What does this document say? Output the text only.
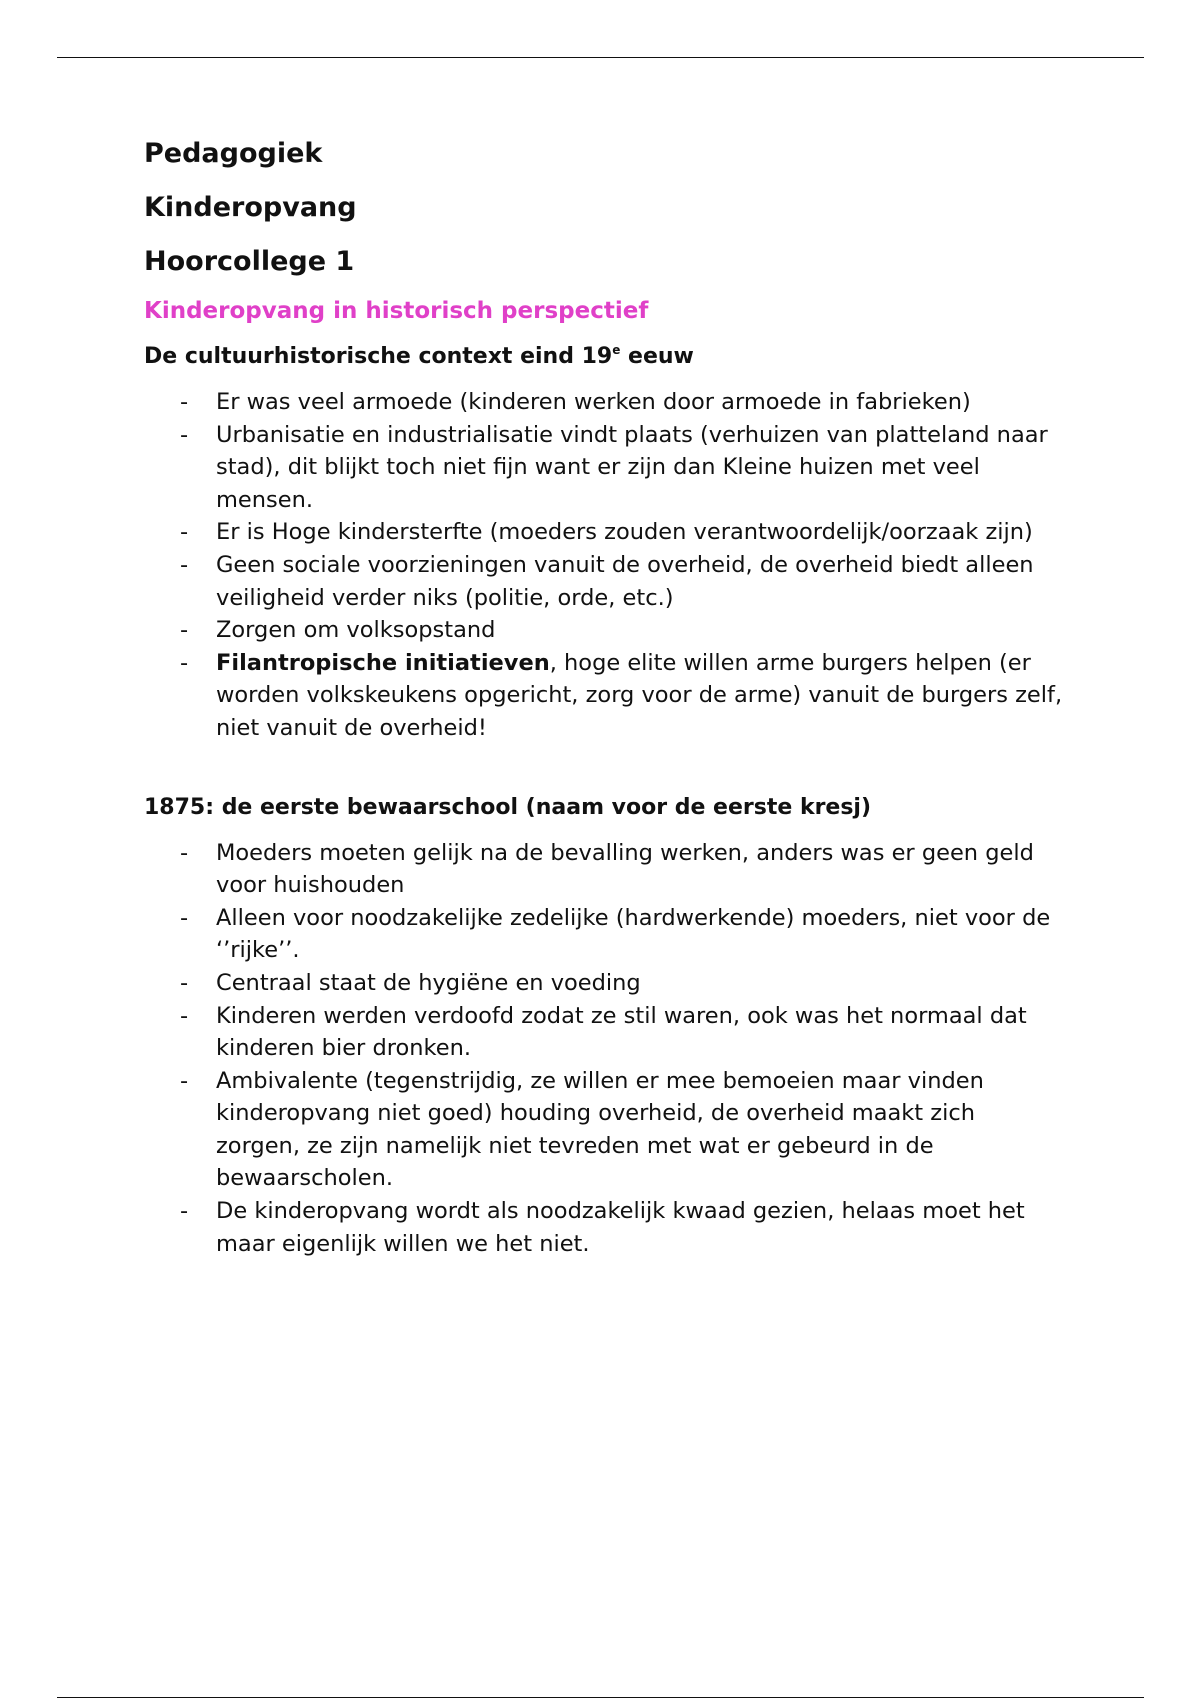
Pedagogiek
Kinderopvang
Hoorcollege 1
Kinderopvang in historisch perspectief
De cultuurhistorische context eind 19e eeuw
- Er was veel armoede (kinderen werken door armoede in fabrieken)
- Urbanisatie en industrialisatie vindt plaats (verhuizen van platteland naar stad), dit blijkt toch niet fijn want er zijn dan Kleine huizen met veel mensen.
- Er is Hoge kindersterfte (moeders zouden verantwoordelijk/oorzaak zijn)
- Geen sociale voorzieningen vanuit de overheid, de overheid biedt alleen veiligheid verder niks (politie, orde, etc.)
- Zorgen om volksopstand
- Filantropische initiatieven, hoge elite willen arme burgers helpen (er worden volkskeukens opgericht, zorg voor de arme) vanuit de burgers zelf, niet vanuit de overheid!
1875: de eerste bewaarschool (naam voor de eerste kresj)
- Moeders moeten gelijk na de bevalling werken, anders was er geen geld voor huishouden
- Alleen voor noodzakelijke zedelijke (hardwerkende) moeders, niet voor de ‘’rijke’’.
- Centraal staat de hygiëne en voeding
- Kinderen werden verdoofd zodat ze stil waren, ook was het normaal dat kinderen bier dronken.
- Ambivalente (tegenstrijdig, ze willen er mee bemoeien maar vinden kinderopvang niet goed) houding overheid, de overheid maakt zich zorgen, ze zijn namelijk niet tevreden met wat er gebeurd in de bewaarscholen.
- De kinderopvang wordt als noodzakelijk kwaad gezien, helaas moet het maar eigenlijk willen we het niet.
